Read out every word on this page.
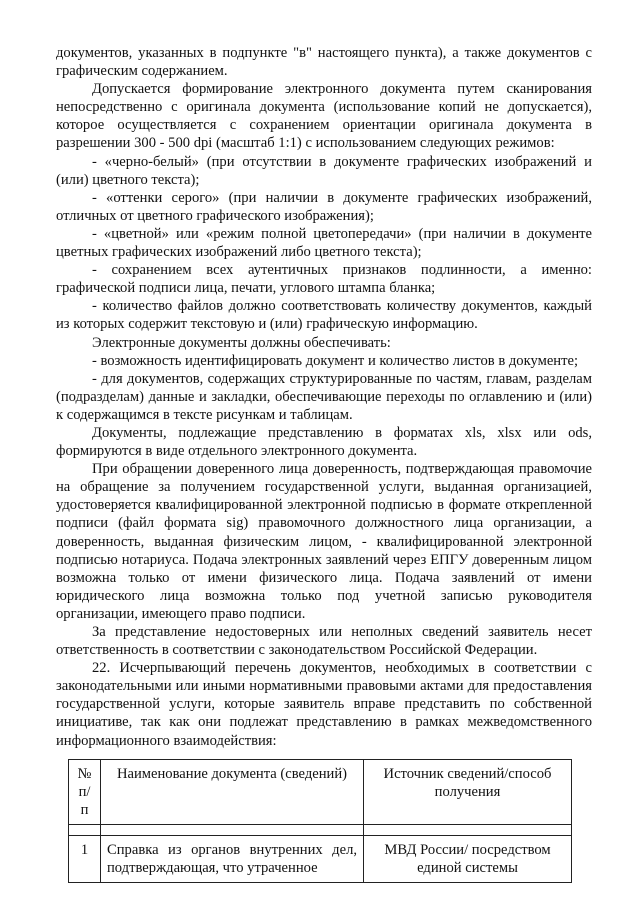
документов, указанных в подпункте "в" настоящего пункта), а также документов с графическим содержанием.

Допускается формирование электронного документа путем сканирования непосредственно с оригинала документа (использование копий не допускается), которое осуществляется с сохранением ориентации оригинала документа в разрешении 300 - 500 dpi (масштаб 1:1) с использованием следующих режимов:

- «черно-белый» (при отсутствии в документе графических изображений и (или) цветного текста);

- «оттенки серого» (при наличии в документе графических изображений, отличных от цветного графического изображения);

- «цветной» или «режим полной цветопередачи» (при наличии в документе цветных графических изображений либо цветного текста);

- сохранением всех аутентичных признаков подлинности, а именно: графической подписи лица, печати, углового штампа бланка;

- количество файлов должно соответствовать количеству документов, каждый из которых содержит текстовую и (или) графическую информацию.

Электронные документы должны обеспечивать:

- возможность идентифицировать документ и количество листов в документе;

- для документов, содержащих структурированные по частям, главам, разделам (подразделам) данные и закладки, обеспечивающие переходы по оглавлению и (или) к содержащимся в тексте рисункам и таблицам.

Документы, подлежащие представлению в форматах xls, xlsx или ods, формируются в виде отдельного электронного документа.

При обращении доверенного лица доверенность, подтверждающая правомочие на обращение за получением государственной услуги, выданная организацией, удостоверяется квалифицированной электронной подписью в формате открепленной подписи (файл формата sig) правомочного должностного лица организации, а доверенность, выданная физическим лицом, - квалифицированной электронной подписью нотариуса. Подача электронных заявлений через ЕПГУ доверенным лицом возможна только от имени физического лица. Подача заявлений от имени юридического лица возможна только под учетной записью руководителя организации, имеющего право подписи.

За представление недостоверных или неполных сведений заявитель несет ответственность в соответствии с законодательством Российской Федерации.

22. Исчерпывающий перечень документов, необходимых в соответствии с законодательными или иными нормативными правовыми актами для предоставления государственной услуги, которые заявитель вправе представить по собственной инициативе, так как они подлежат представлению в рамках межведомственного информационного взаимодействия:

№ п/п	Наименование документа (сведений)	Источник сведений/способ получения

1	Справка из органов внутренних дел, подтверждающая, что утраченное	МВД России/ посредством единой системы
